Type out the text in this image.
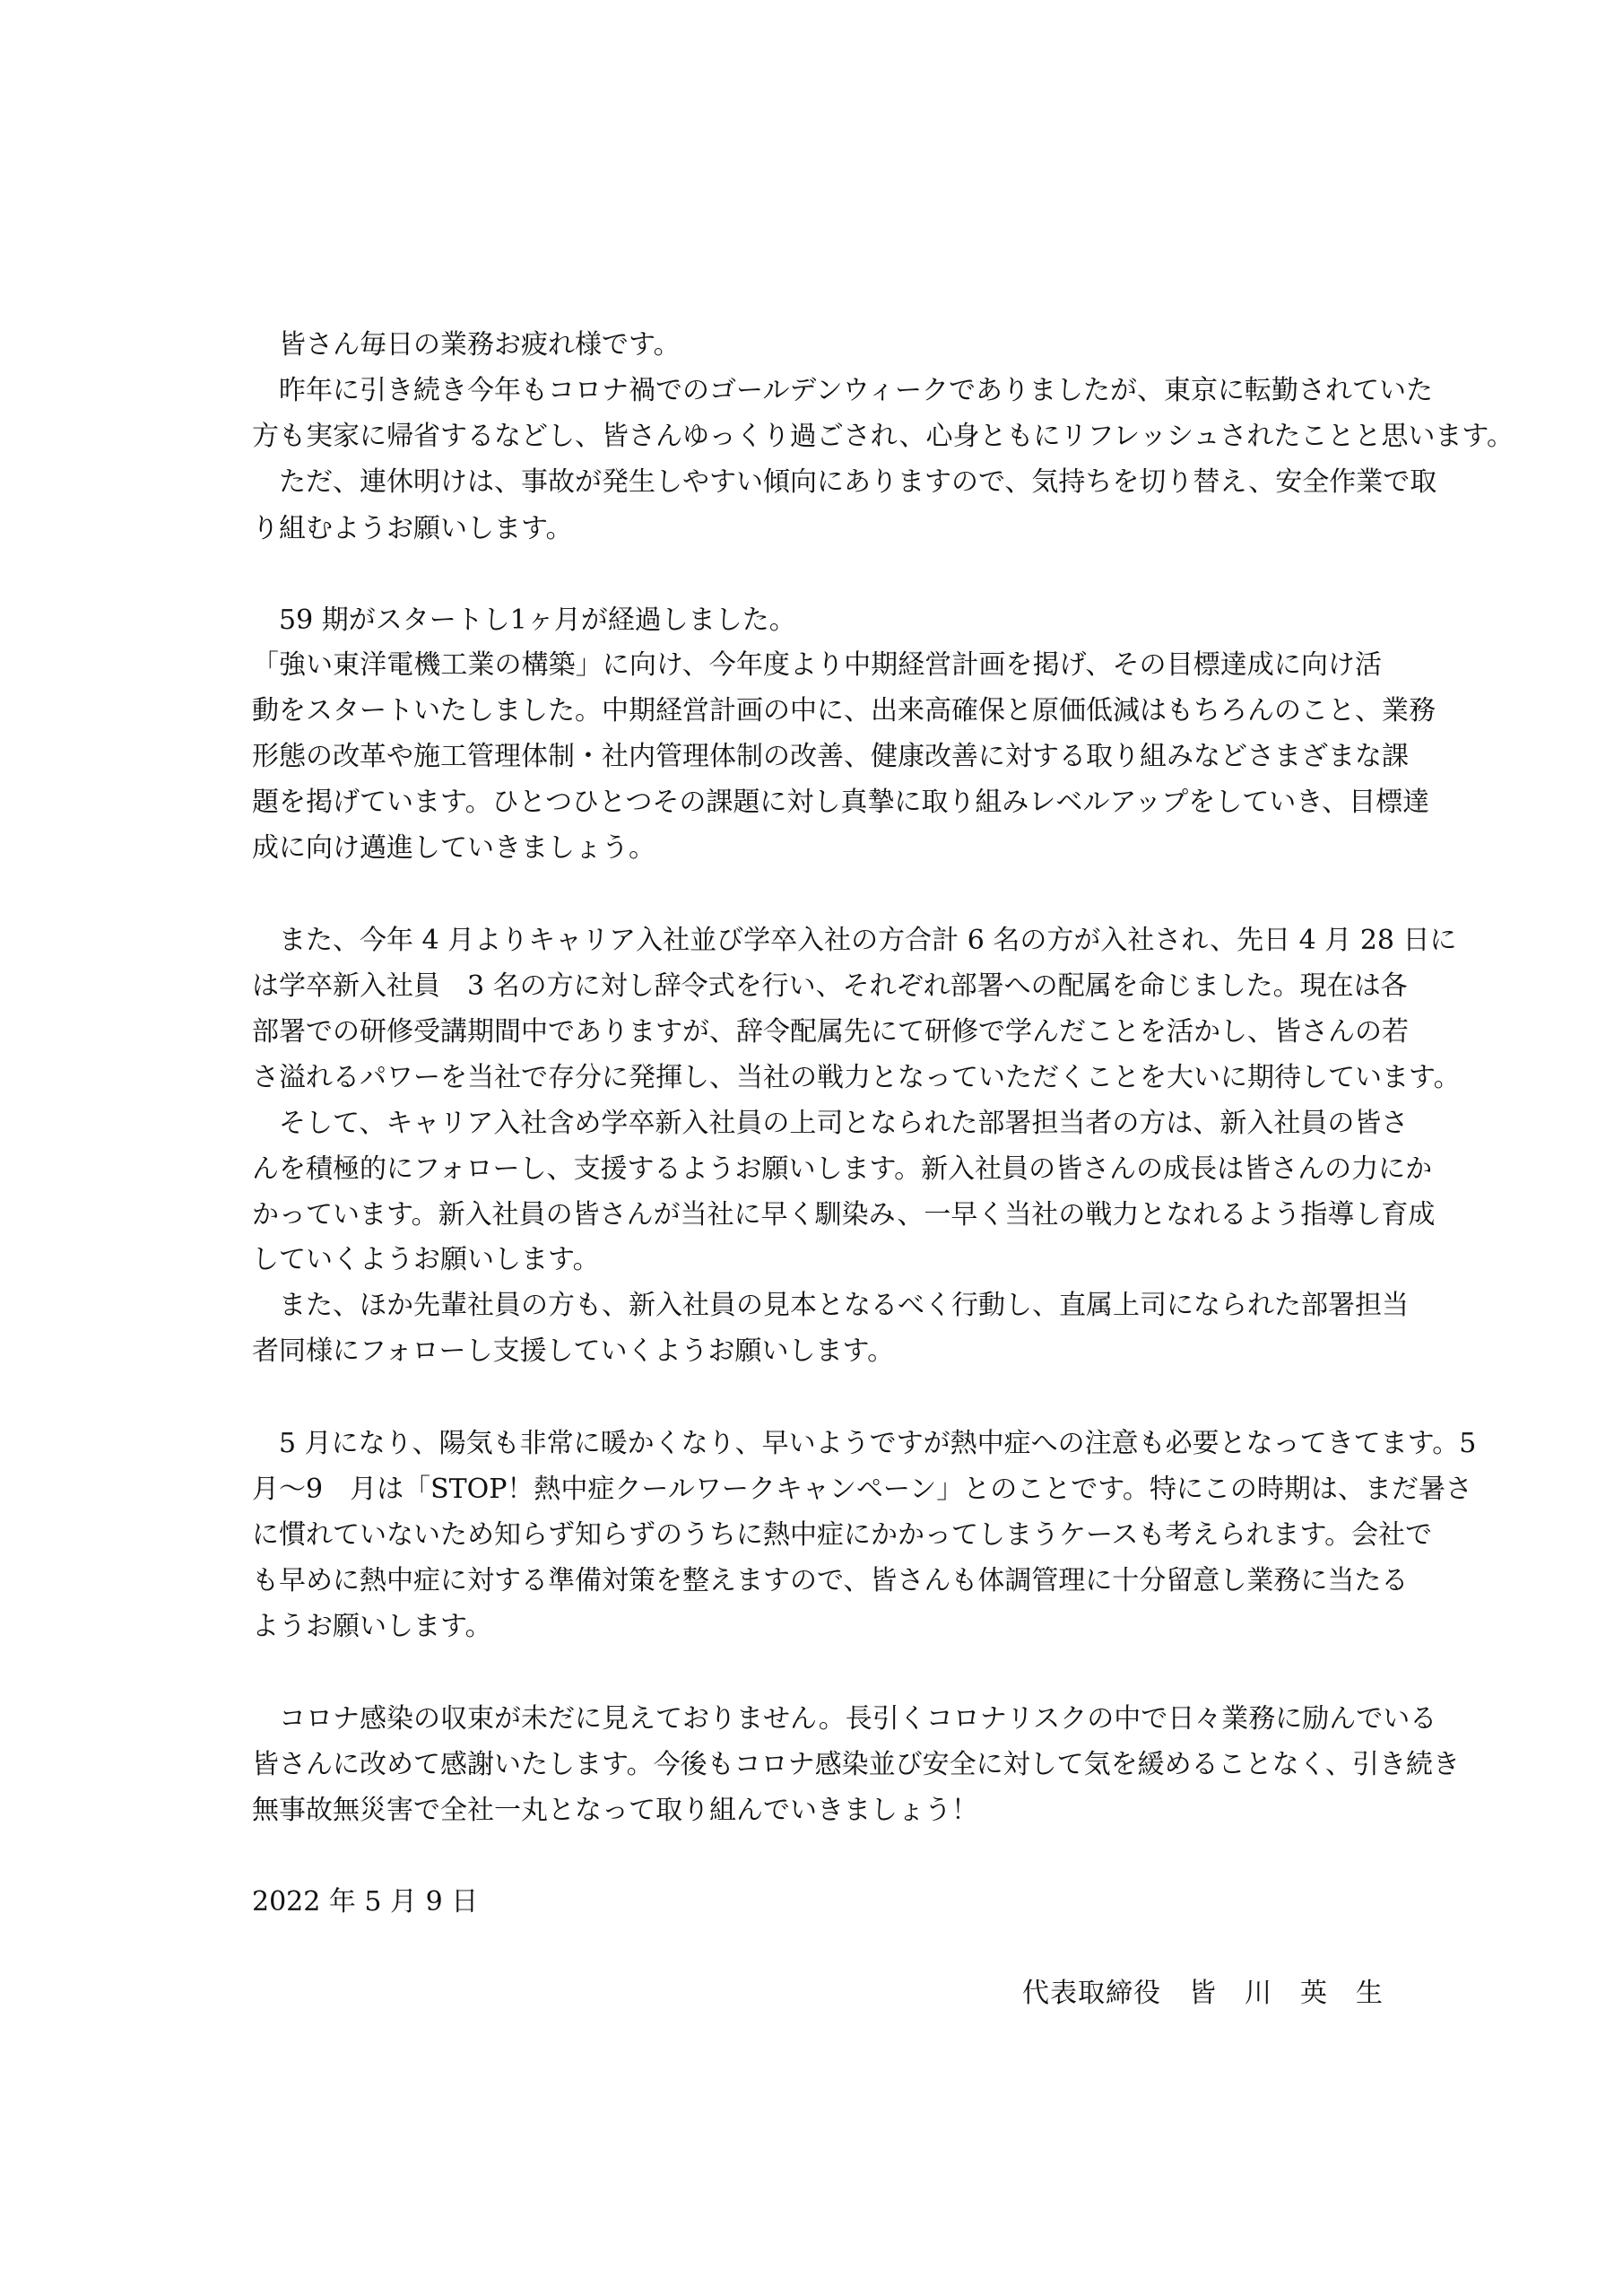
　皆さん毎日の業務お疲れ様です。

　昨年に引き続き今年もコロナ禍でのゴールデンウィークでありましたが、東京に転勤されていた

方も実家に帰省するなどし、皆さんゆっくり過ごされ、心身ともにリフレッシュされたことと思います。

　ただ、連休明けは、事故が発生しやすい傾向にありますので、気持ちを切り替え、安全作業で取

り組むようお願いします。

　59 期がスタートし1ヶ月が経過しました。

「強い東洋電機工業の構築」に向け、今年度より中期経営計画を掲げ、その目標達成に向け活

動をスタートいたしました。中期経営計画の中に、出来高確保と原価低減はもちろんのこと、業務

形態の改革や施工管理体制・社内管理体制の改善、健康改善に対する取り組みなどさまざまな課

題を掲げています。ひとつひとつその課題に対し真摯に取り組みレベルアップをしていき、目標達

成に向け邁進していきましょう。

　また、今年 4 月よりキャリア入社並び学卒入社の方合計 6 名の方が入社され、先日 4 月 28 日に

は学卒新入社員　3 名の方に対し辞令式を行い、それぞれ部署への配属を命じました。現在は各

部署での研修受講期間中でありますが、辞令配属先にて研修で学んだことを活かし、皆さんの若

さ溢れるパワーを当社で存分に発揮し、当社の戦力となっていただくことを大いに期待しています。

　そして、キャリア入社含め学卒新入社員の上司となられた部署担当者の方は、新入社員の皆さ

んを積極的にフォローし、支援するようお願いします。新入社員の皆さんの成長は皆さんの力にか

かっています。新入社員の皆さんが当社に早く馴染み、一早く当社の戦力となれるよう指導し育成

していくようお願いします。

　また、ほか先輩社員の方も、新入社員の見本となるべく行動し、直属上司になられた部署担当

者同様にフォローし支援していくようお願いします。

　5 月になり、陽気も非常に暖かくなり、早いようですが熱中症への注意も必要となってきてます。5

月～9　月は「STOP！熱中症クールワークキャンペーン」とのことです。特にこの時期は、まだ暑さ

に慣れていないため知らず知らずのうちに熱中症にかかってしまうケースも考えられます。会社で

も早めに熱中症に対する準備対策を整えますので、皆さんも体調管理に十分留意し業務に当たる

ようお願いします。

　コロナ感染の収束が未だに見えておりません。長引くコロナリスクの中で日々業務に励んでいる

皆さんに改めて感謝いたします。今後もコロナ感染並び安全に対して気を緩めることなく、引き続き

無事故無災害で全社一丸となって取り組んでいきましょう！

2022 年 5 月 9 日

代表取締役　皆　川　英　生
